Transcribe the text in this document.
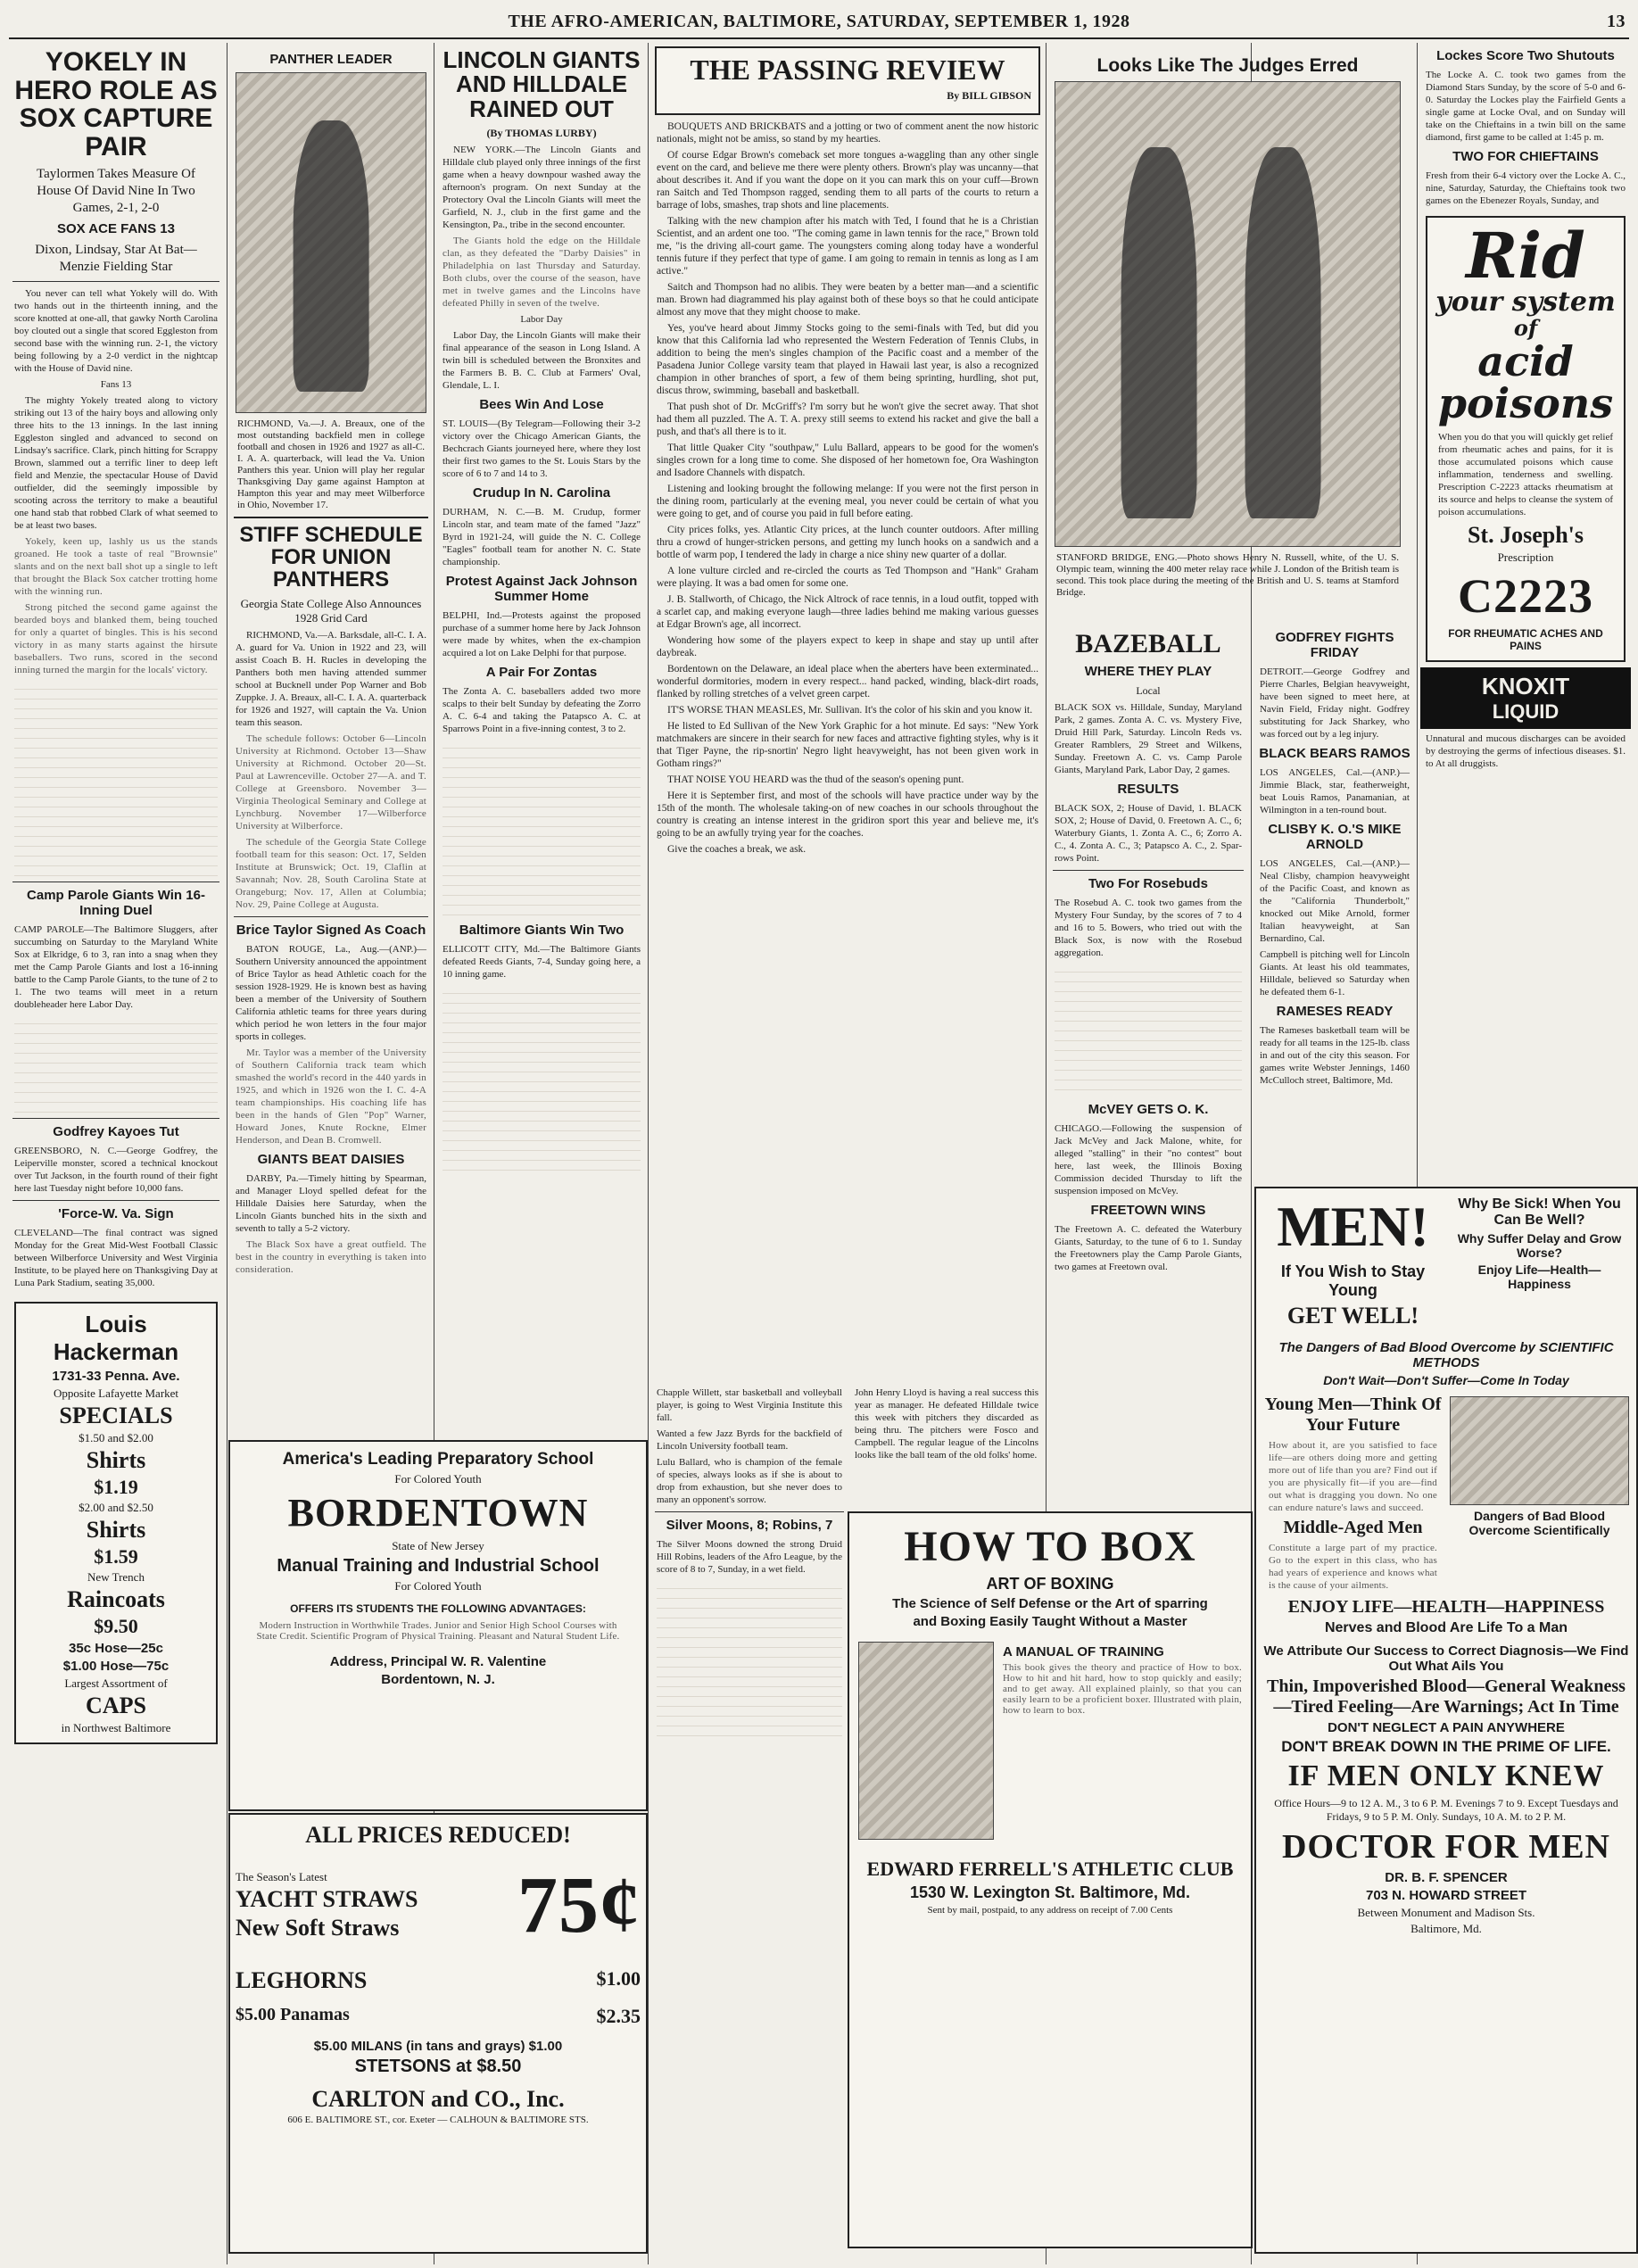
THE AFRO-AMERICAN, BALTIMORE, SATURDAY, SEPTEMBER 1, 1928	13
YOKELY IN HERO ROLE AS SOX CAPTURE PAIR
Taylormen Takes Measure Of House Of David Nine In Two Games, 2-1, 2-0
SOX ACE FANS 13
Dixon, Lindsay, Star At Bat—Menzie Fielding Star

You never can tell what Yokely will do. With two hands out in the thirteenth inning, and the score knotted at one-all, that gawky North Carolina boy clouted out a single that scored Eggleston from second base with the winning run. 2-1, the victory being following by a 2-0 verdict in the nightcap with the House of David nine.

Fans 13

The mighty Yokely treated along to victory striking out 13 of the hairy boys and allowing only three hits to the 13 innings. In the last inning Eggleston singled and advanced to second on Lindsay's sacrifice. Clark, pinch hitting for Scrappy Brown, slammed out a terrific liner to deep left field and Menzie, the spectacular House of David outfielder, did the seemingly impossible by scooting across the territory to make a beautiful one hand stab that robbed Clark of what seemed to be at least two bases.

Yokely, keen up, lashly us us the stands groaned. He took a taste of real "Brownsie" slants and on the next ball shot up a single to left that brought the Black Sox catcher trotting home with the winning run.

Strong pitched the second game against the bearded boys and blanked them, being touched for only a quartet of bingles. This is his second victory in as many starts against the hirsute baseballers. Two runs, scored in the second inning turned the margin for the locals' victory.

Camp Parole Giants Win 16-Inning Duel
CAMP PAROLE—The Baltimore Sluggers, after succumbing on Saturday to the Maryland White Sox at Elkridge, 6 to 3, ran into a snag when they met the Camp Parole Giants and lost a 16-inning battle to the Camp Parole Giants, to the tune of 2 to 1. The two teams will meet in a return doubleheader here Labor Day.
Godfrey Kayoes Tut
GREENSBORO, N. C.—George Godfrey, the Leiperville monster, scored a technical knockout over Tut Jackson, in the fourth round of their fight here last Tuesday night before 10,000 fans.
'Force-W. Va. Sign
CLEVELAND—The final contract was signed Monday for the Great Mid-West Football Classic between Wilberforce University and West Virginia Institute, to be played here on Thanksgiving Day at Luna Park Stadium, seating 35,000.
Louis Hackerman
1731-33 Penna. Ave.
Opposite Lafayette Market
SPECIALS
$1.50 and $2.00
Shirts
$1.19
$2.00 and $2.50
Shirts
$1.59
New Trench
Raincoats
$9.50
35c Hose—25c
$1.00 Hose—75c
Largest Assortment of
CAPS
in Northwest Baltimore
PANTHER LEADER
RICHMOND, Va.—J. A. Breaux, one of the most outstanding backfield men in college football and chosen in 1926 and 1927 as all-C. I. A. A. quarterback, will lead the Va. Union Panthers this year. Union will play her regular Thanksgiving Day game against Hampton at Hampton this year and may meet Wilberforce in Ohio, November 17.
STIFF SCHEDULE FOR UNION PANTHERS
Georgia State College Also Announces 1928 Grid Card

RICHMOND, Va.—A. Barksdale, all-C. I. A. A. guard for Va. Union in 1922 and 23, will assist Coach B. H. Rucles in developing the Panthers both men having attended summer school at Bucknell under Pop Warner and Bob Zuppke. J. A. Breaux, all-C. I. A. A. quarterback for 1926 and 1927, will captain the Va. Union team this season.

The schedule follows: October 6—Lincoln University at Richmond. October 13—Shaw University at Richmond. October 20—St. Paul at Lawrenceville. October 27—A. and T. College at Greensboro. November 3—Virginia Theological Seminary and College at Lynchburg. November 17—Wilberforce University at Wilberforce.

The schedule of the Georgia State College football team for this season: Oct. 17, Selden Institute at Brunswick; Oct. 19, Claflin at Savannah; Nov. 28, South Carolina State at Orangeburg; Nov. 17, Allen at Columbia; Nov. 29, Paine College at Augusta.

Brice Taylor Signed As Coach

BATON ROUGE, La., Aug.—(ANP.)—Southern University announced the appointment of Brice Taylor as head Athletic coach for the session 1928-1929. He is known best as having been a member of the University of Southern California athletic teams for three years during which period he won letters in the four major sports in colleges.

Mr. Taylor was a member of the University of Southern California track team which smashed the world's record in the 440 yards in 1925, and which in 1926 won the I. C. 4-A team championships. His coaching life has been in the hands of Glen "Pop" Warner, Howard Jones, Knute Rockne, Elmer Henderson, and Dean B. Cromwell.

GIANTS BEAT DAISIES

DARBY, Pa.—Timely hitting by Spearman, and Manager Lloyd spelled defeat for the Hilldale Daisies here Saturday, when the Lincoln Giants bunched hits in the sixth and seventh to tally a 5-2 victory.

The Black Sox have a great outfield. The best in the country in everything is taken into consideration.

LINCOLN GIANTS AND HILLDALE RAINED OUT
(By THOMAS LURBY)

NEW YORK.—The Lincoln Giants and Hilldale club played only three innings of the first game when a heavy downpour washed away the afternoon's program. On next Sunday at the Protectory Oval the Lincoln Giants will meet the Garfield, N. J., club in the first game and the Kensington, Pa., tribe in the second encounter.

The Giants hold the edge on the Hilldale clan, as they defeated the "Darby Daisies" in Philadelphia on last Thursday and Saturday. Both clubs, over the course of the season, have met in twelve games and the Lincolns have defeated Philly in seven of the twelve.

Labor Day

Labor Day, the Lincoln Giants will make their final appearance of the season in Long Island. A twin bill is scheduled between the Bronxites and the Farmers B. B. C. Club at Farmers' Oval, Glendale, L. I.

Bees Win And Lose
ST. LOUIS—(By Telegram—Following their 3-2 victory over the Chicago American Giants, the Bechcrach Giants journeyed here, where they lost their first two games to the St. Louis Stars by the score of 6 to 7 and 14 to 3.
Crudup In N. Carolina
DURHAM, N. C.—B. M. Crudup, former Lincoln star, and team mate of the famed "Jazz" Byrd in 1921-24, will guide the N. C. College "Eagles" football team for another N. C. State championship.
Protest Against Jack Johnson Summer Home
BELPHI, Ind.—Protests against the proposed purchase of a summer home here by Jack Johnson were made by whites, when the ex-champion acquired a lot on Lake Delphi for that purpose.
A Pair For Zontas
The Zonta A. C. baseballers added two more scalps to their belt Sunday by defeating the Zorro A. C. 6-4 and taking the Patapsco A. C. at Sparrows Point in a five-inning contest, 3 to 2.
Baltimore Giants Win Two
ELLICOTT CITY, Md.—The Baltimore Giants defeated Reeds Giants, 7-4, Sunday going here, a 10 inning game.
America's Leading Preparatory School
For Colored Youth
BORDENTOWN
State of New Jersey
Manual Training and Industrial School
For Colored Youth
OFFERS ITS STUDENTS THE FOLLOWING ADVANTAGES:
Modern Instruction in Worthwhile Trades. Junior and Senior High School Courses with State Credit. Scientific Program of Physical Training. Pleasant and Natural Student Life.
Address, Principal W. R. Valentine
Bordentown, N. J.
ALL PRICES REDUCED!
The Season's Latest
YACHT STRAWS
New Soft Straws 75¢
LEGHORNS	$1.00
$5.00 Panamas	$2.35
$5.00 MILANS (in tans and grays) $1.00
STETSONS at $8.50
CARLTON and CO., Inc.
606 E. BALTIMORE ST., cor. Exeter — CALHOUN & BALTIMORE STS.
THE PASSING REVIEW
By BILL GIBSON

BOUQUETS AND BRICKBATS and a jotting or two of comment anent the now historic nationals, might not be amiss, so stand by my hearties.

Of course Edgar Brown's comeback set more tongues a-waggling than any other single event on the card, and believe me there were plenty others. Brown's play was uncanny—that about describes it. And if you want the dope on it you can mark this on your cuff—Brown ran Saitch and Ted Thompson ragged, sending them to all parts of the courts to return a barrage of lobs, smashes, trap shots and line placements.

Talking with the new champion after his match with Ted, I found that he is a Christian Scientist, and an ardent one too. "The coming game in lawn tennis for the race," Brown told me, "is the driving all-court game. The youngsters coming along today have a wonderful tennis future if they perfect that type of game. I am going to remain in tennis as long as I am active."

Saitch and Thompson had no alibis. They were beaten by a better man—and a scientific man. Brown had diagrammed his play against both of these boys so that he could anticipate almost any move that they might choose to make.

Yes, you've heard about Jimmy Stocks going to the semi-finals with Ted, but did you know that this California lad who represented the Western Federation of Tennis Clubs, in addition to being the men's singles champion of the Pacific coast and a member of the Pasadena Junior College varsity team that played in Hawaii last year, is also a recognized champion in other branches of sport, a few of them being sprinting, hurdling, shot put, discus throw, swimming, baseball and basketball.

That push shot of Dr. McGriff's? I'm sorry but he won't give the secret away. That shot had them all puzzled. The A. T. A. prexy still seems to extend his racket and give the ball a push, and that's all there is to it.

That little Quaker City "southpaw," Lulu Ballard, appears to be good for the women's singles crown for a long time to come. She disposed of her hometown foe, Ora Washington and Isadore Channels with dispatch.

Listening and looking brought the following melange: If you were not the first person in the dining room, particularly at the evening meal, you never could be certain of what you were going to get, and of course you paid in full before eating.

City prices folks, yes. Atlantic City prices, at the lunch counter outdoors. After milling thru a crowd of hunger-stricken persons, and getting my lunch hooks on a sandwich and a bottle of warm pop, I tendered the lady in charge a nice shiny new quarter of a dollar.

A lone vulture circled and re-circled the courts as Ted Thompson and "Hank" Graham were playing. It was a bad omen for some one.

J. B. Stallworth, of Chicago, the Nick Altrock of race tennis, in a loud outfit, topped with a scarlet cap, and making everyone laugh—three ladies behind me making various guesses at Edgar Brown's age, all incorrect.

Wondering how some of the players expect to keep in shape and stay up until after daybreak.

Bordentown on the Delaware, an ideal place when the aberters have been exterminated... wonderful dormitories, modern in every respect... hand packed, winding, black-dirt roads, flanked by rolling stretches of a velvet green carpet.

IT'S WORSE THAN MEASLES, Mr. Sullivan. It's the color of his skin and you know it.

He listed to Ed Sullivan of the New York Graphic for a hot minute. Ed says: "New York matchmakers are sincere in their search for new faces and attractive fighting styles, why is it that Tiger Payne, the rip-snortin' Negro light heavyweight, has not been given work in Gotham rings?"

THAT NOISE YOU HEARD was the thud of the season's opening punt.

Here it is September first, and most of the schools will have practice under way by the 15th of the month. The wholesale taking-on of new coaches in our schools throughout the country is creating an intense interest in the gridiron sport this year and believe me, it's going to be an awfully trying year for the coaches.

Give the coaches a break, we ask.

Chapple Willett, star basketball and volleyball player, is going to West Virginia Institute this fall.
Wanted a few Jazz Byrds for the backfield of Lincoln University football team.
Lulu Ballard, who is champion of the female of species, always looks as if she is about to drop from exhaustion, but she never does to many an opponent's sorrow.
Silver Moons, 8; Robins, 7
The Silver Moons downed the strong Druid Hill Robins, leaders of the Afro League, by the score of 8 to 7, Sunday, in a wet field.
John Henry Lloyd is having a real success this year as manager. He defeated Hilldale twice this week with pitchers they discarded as being thru. The pitchers were Fosco and Campbell. The regular league of the Lincolns looks like the ball team of the old folks' home.
HOW TO BOX
ART OF BOXING
The Science of Self Defense or the Art of sparring
and Boxing Easily Taught Without a Master
A MANUAL OF TRAINING
This book gives the theory and practice of How to box. How to hit and hit hard, how to stop quickly and easily; and to get away. All explained plainly, so that you can easily learn to be a proficient boxer. Illustrated with plain, how to learn to box.
EDWARD FERRELL'S ATHLETIC CLUB
1530 W. Lexington St. Baltimore, Md.
Sent by mail, postpaid, to any address on receipt of 7.00 Cents
Looks Like The Judges Erred
STANFORD BRIDGE, ENG.—Photo shows Henry N. Russell, white, of the U. S. Olympic team, winning the 400 meter relay race while J. London of the British team is second. This took place during the meeting of the British and U. S. teams at Stamford Bridge.
BAZEBALL
WHERE THEY PLAY
Local
BLACK SOX vs. Hilldale, Sunday, Maryland Park, 2 games. Zonta A. C. vs. Mystery Five, Druid Hill Park, Saturday. Lincoln Reds vs. Greater Ramblers, 29 Street and Wilkens, Sunday. Freetown A. C. vs. Camp Parole Giants, Maryland Park, Labor Day, 2 games.
RESULTS
BLACK SOX, 2; House of David, 1. BLACK SOX, 2; House of David, 0. Freetown A. C., 6; Waterbury Giants, 1. Zonta A. C., 6; Zorro A. C., 4. Zonta A. C., 3; Patapsco A. C., 2. Spar-rows Point.
Two For Rosebuds
The Rosebud A. C. took two games from the Mystery Four Sunday, by the scores of 7 to 4 and 16 to 5. Bowers, who tried out with the Black Sox, is now with the Rosebud aggregation.
McVEY GETS O. K.
CHICAGO.—Following the suspension of Jack McVey and Jack Malone, white, for alleged "stalling" in their "no contest" bout here, last week, the Illinois Boxing Commission decided Thursday to lift the suspension imposed on McVey.
FREETOWN WINS
The Freetown A. C. defeated the Waterbury Giants, Saturday, to the tune of 6 to 1. Sunday the Freetowners play the Camp Parole Giants, two games at Freetown oval.
GODFREY FIGHTS FRIDAY
DETROIT.—George Godfrey and Pierre Charles, Belgian heavyweight, have been signed to meet here, at Navin Field, Friday night. Godfrey substituting for Jack Sharkey, who was forced out by a leg injury.
BLACK BEARS RAMOS
LOS ANGELES, Cal.—(ANP.)—Jimmie Black, star, featherweight, beat Louis Ramos, Panamanian, at Wilmington in a ten-round bout.
CLISBY K. O.'S MIKE ARNOLD
LOS ANGELES, Cal.—(ANP.)—Neal Clisby, champion heavyweight of the Pacific Coast, and known as the "California Thunderbolt," knocked out Mike Arnold, former Italian heavyweight, at San Bernardino, Cal.
Campbell is pitching well for Lincoln Giants. At least his old teammates, Hilldale, believed so Saturday when he defeated them 6-1.
RAMESES READY
The Rameses basketball team will be ready for all teams in the 125-lb. class in and out of the city this season. For games write Webster Jennings, 1460 McCulloch street, Baltimore, Md.
Lockes Score Two Shutouts
The Locke A. C. took two games from the Diamond Stars Sunday, by the score of 5-0 and 6-0. Saturday the Lockes play the Fairfield Gents a single game at Locke Oval, and on Sunday will take on the Chieftains in a twin bill on the same diamond, first game to be called at 1:45 p. m.
TWO FOR CHIEFTAINS
Fresh from their 6-4 victory over the Locke A. C., nine, Saturday, Saturday, the Chieftains took two games on the Ebenezer Royals, Sunday, and
Rid
your system
of
acid
poisons
When you do that you will quickly get relief from rheumatic aches and pains, for it is those accumulated poisons which cause inflammation, tenderness and swelling. Prescription C-2223 attacks rheumatism at its source and helps to cleanse the system of poison accumulations.
St. Joseph's
Prescription
C2223
FOR RHEUMATIC ACHES AND PAINS
KNOXIT
LIQUID
Unnatural and mucous discharges can be avoided by destroying the germs of infectious diseases. $1. to At all druggists.
MEN!
If You Wish to Stay Young
GET WELL!
Why Be Sick! When You Can Be Well?
Why Suffer Delay and Grow Worse?
Enjoy Life—Health—Happiness
The Dangers of Bad Blood Overcome by SCIENTIFIC METHODS
Don't Wait—Don't Suffer—Come In Today
Young Men—Think Of Your Future
How about it, are you satisfied to face life—are others doing more and getting more out of life than you are? Find out if you are physically fit—if you are—find out what is dragging you down. No one can endure nature's laws and succeed.
Middle-Aged Men
Constitute a large part of my practice. Go to the expert in this class, who has had years of experience and knows what is the cause of your ailments.
Dangers of Bad Blood Overcome Scientifically
ENJOY LIFE—HEALTH—HAPPINESS
Nerves and Blood Are Life To a Man
We Attribute Our Success to Correct Diagnosis—We Find Out What Ails You
Thin, Impoverished Blood—General Weakness—Tired Feeling—Are Warnings; Act In Time
DON'T NEGLECT A PAIN ANYWHERE
DON'T BREAK DOWN IN THE PRIME OF LIFE.
IF MEN ONLY KNEW
Office Hours—9 to 12 A. M., 3 to 6 P. M. Evenings 7 to 9. Except Tuesdays and Fridays, 9 to 5 P. M. Only. Sundays, 10 A. M. to 2 P. M.
DOCTOR FOR MEN
DR. B. F. SPENCER
703 N. HOWARD STREET
Between Monument and Madison Sts.
Baltimore, Md.
